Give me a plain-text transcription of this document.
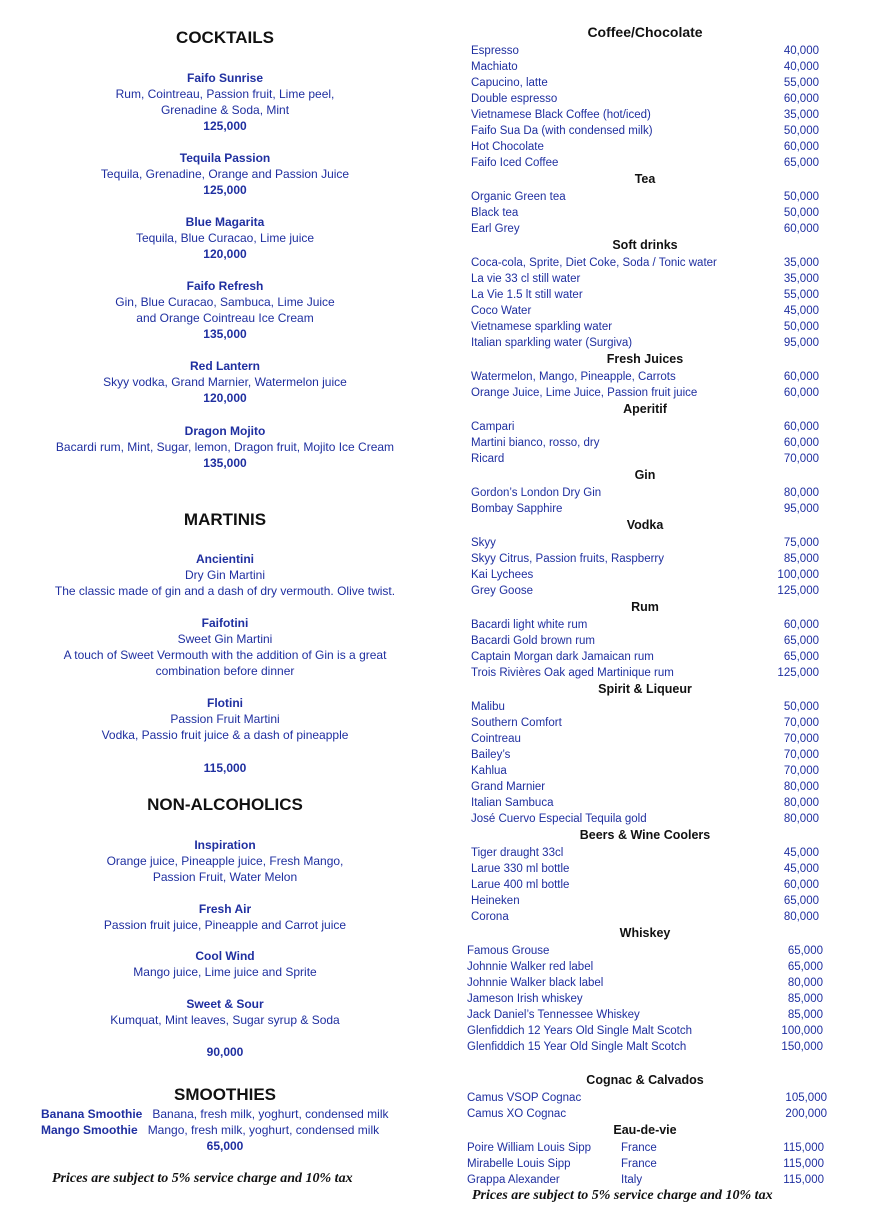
COCKTAILS
Faifo Sunrise
Rum, Cointreau, Passion fruit, Lime peel,
Grenadine & Soda, Mint
125,000
Tequila Passion
Tequila, Grenadine, Orange and Passion Juice
125,000
Blue Magarita
Tequila, Blue Curacao, Lime juice
120,000
Faifo Refresh
Gin, Blue Curacao, Sambuca, Lime Juice
and Orange Cointreau Ice Cream
135,000
Red Lantern
Skyy vodka, Grand Marnier, Watermelon juice
120,000
Dragon Mojito
Bacardi rum, Mint, Sugar, lemon, Dragon fruit, Mojito Ice Cream
135,000
MARTINIS
Ancientini
Dry Gin Martini
The classic made of gin and a dash of dry vermouth. Olive twist.
Faifotini
Sweet Gin Martini
A touch of Sweet Vermouth with the addition of Gin is a great
combination before dinner
Flotini
Passion Fruit Martini
Vodka, Passio fruit juice & a dash of pineapple
115,000
NON-ALCOHOLICS
Inspiration
Orange juice, Pineapple juice, Fresh Mango,
Passion Fruit, Water Melon
Fresh Air
Passion fruit juice, Pineapple and Carrot juice
Cool Wind
Mango juice, Lime juice and Sprite
Sweet & Sour
Kumquat, Mint leaves, Sugar syrup & Soda
90,000
SMOOTHIES
Banana Smoothie Banana, fresh milk, yoghurt, condensed milk
Mango Smoothie Mango, fresh milk, yoghurt, condensed milk
65,000
Prices are subject to 5% service charge and 10% tax
Coffee/Chocolate
Tea
Soft drinks
Fresh Juices
Aperitif
Gin
Vodka
Rum
Spirit & Liqueur
Beers & Wine Coolers
Whiskey
Cognac & Calvados
Eau-de-vie
Espresso	40,000
Machiato	40,000
Capucino, latte	55,000
Double espresso	60,000
Vietnamese Black Coffee (hot/iced)	35,000
Faifo Sua Da (with condensed milk)	50,000
Hot Chocolate	60,000
Faifo Iced Coffee	65,000
Organic Green tea	50,000
Black tea	50,000
Earl Grey	60,000
Coca-cola, Sprite, Diet Coke, Soda / Tonic water	35,000
La vie 33 cl still water	35,000
La Vie 1.5 lt still water	55,000
Coco Water	45,000
Vietnamese sparkling water	50,000
Italian sparkling water (Surgiva)	95,000
Watermelon, Mango, Pineapple, Carrots	60,000
Orange Juice, Lime Juice, Passion fruit juice	60,000
Campari	60,000
Martini bianco, rosso, dry	60,000
Ricard	70,000
Gordon’s London Dry Gin	80,000
Bombay Sapphire	95,000
Skyy	75,000
Skyy Citrus, Passion fruits, Raspberry	85,000
Kai Lychees	100,000
Grey Goose	125,000
Bacardi light white rum	60,000
Bacardi Gold brown rum	65,000
Captain Morgan dark Jamaican rum	65,000
Trois Rivières Oak aged Martinique rum	125,000
Malibu	50,000
Southern Comfort	70,000
Cointreau	70,000
Bailey’s	70,000
Kahlua	70,000
Grand Marnier	80,000
Italian Sambuca	80,000
José Cuervo Especial Tequila gold	80,000
Tiger draught 33cl	45,000
Larue 330 ml bottle	45,000
Larue 400 ml bottle	60,000
Heineken	65,000
Corona	80,000
Famous Grouse	65,000
Johnnie Walker red label	65,000
Johnnie Walker black label	80,000
Jameson Irish whiskey	85,000
Jack Daniel’s Tennessee Whiskey	85,000
Glenfiddich 12 Years Old Single Malt Scotch	100,000
Glenfiddich 15 Year Old Single Malt Scotch	150,000
Camus VSOP Cognac	105,000
Camus XO Cognac	200,000
Poire William Louis Sipp	France	115,000
Mirabelle Louis Sipp	France	115,000
Grappa Alexander	Italy	115,000
Prices are subject to 5% service charge and 10% tax
